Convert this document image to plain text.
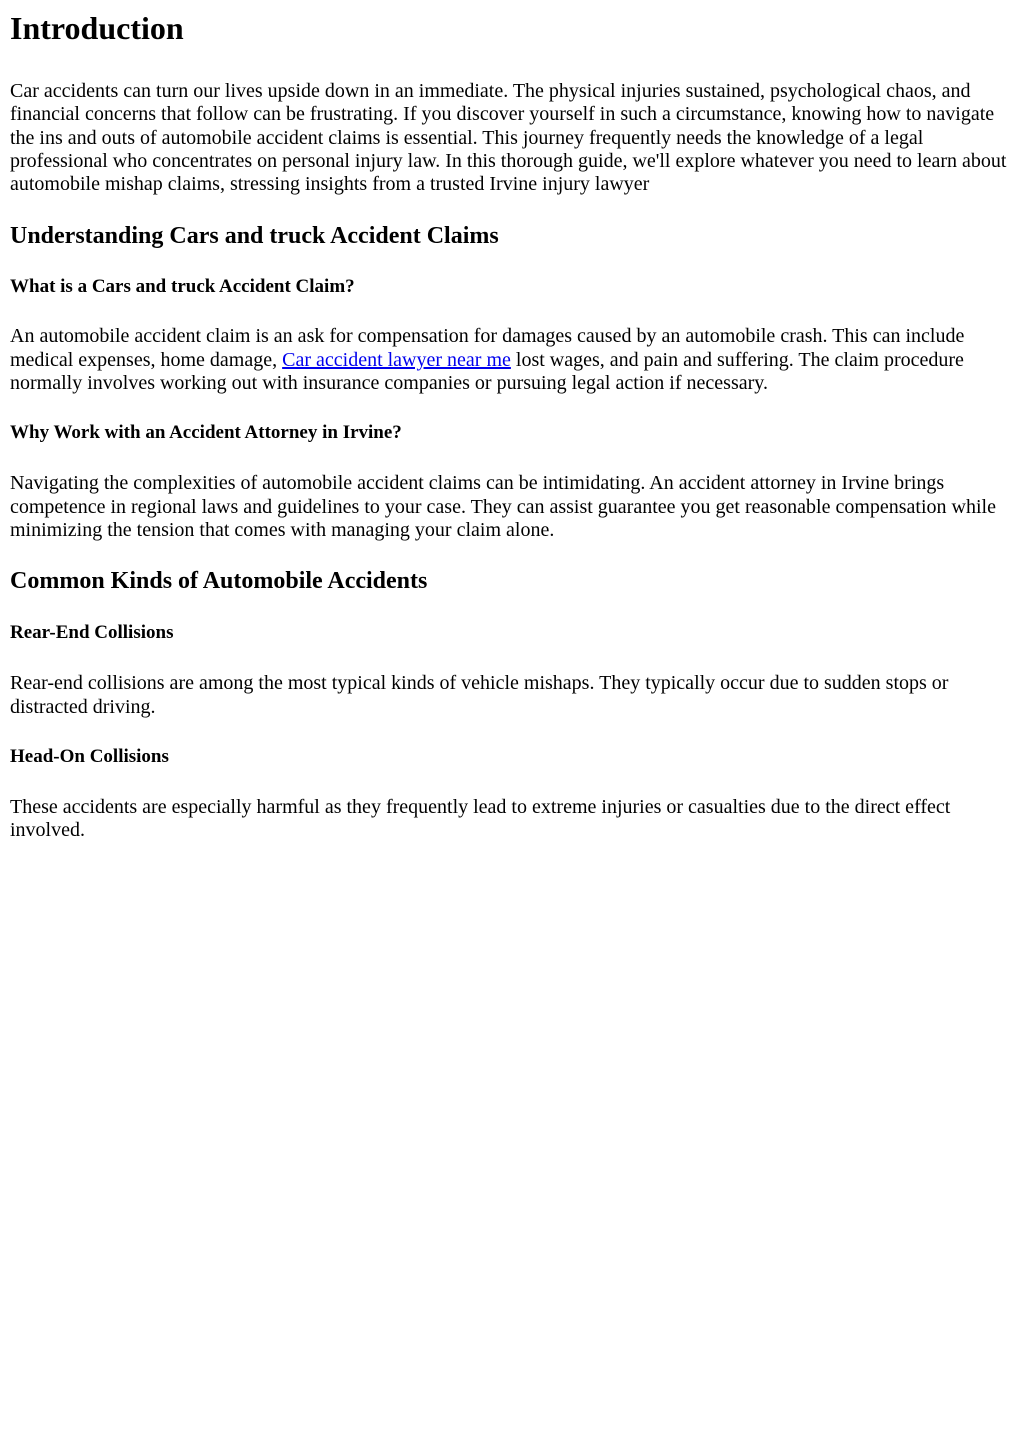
Introduction

Car accidents can turn our lives upside down in an immediate. The physical injuries sustained, psychological chaos, and financial concerns that follow can be frustrating. If you discover yourself in such a circumstance, knowing how to navigate the ins and outs of automobile accident claims is essential. This journey frequently needs the knowledge of a legal professional who concentrates on personal injury law. In this thorough guide, we'll explore whatever you need to learn about automobile mishap claims, stressing insights from a trusted Irvine injury lawyer

Understanding Cars and truck Accident Claims
What is a Cars and truck Accident Claim?

An automobile accident claim is an ask for compensation for damages caused by an automobile crash. This can include medical expenses, home damage, Car accident lawyer near me lost wages, and pain and suffering. The claim procedure normally involves working out with insurance companies or pursuing legal action if necessary.

Why Work with an Accident Attorney in Irvine?

Navigating the complexities of automobile accident claims can be intimidating. An accident attorney in Irvine brings competence in regional laws and guidelines to your case. They can assist guarantee you get reasonable compensation while minimizing the tension that comes with managing your claim alone.

Common Kinds of Automobile Accidents
Rear-End Collisions

Rear-end collisions are among the most typical kinds of vehicle mishaps. They typically occur due to sudden stops or distracted driving.

Head-On Collisions

These accidents are especially harmful as they frequently lead to extreme injuries or casualties due to the direct effect involved.
